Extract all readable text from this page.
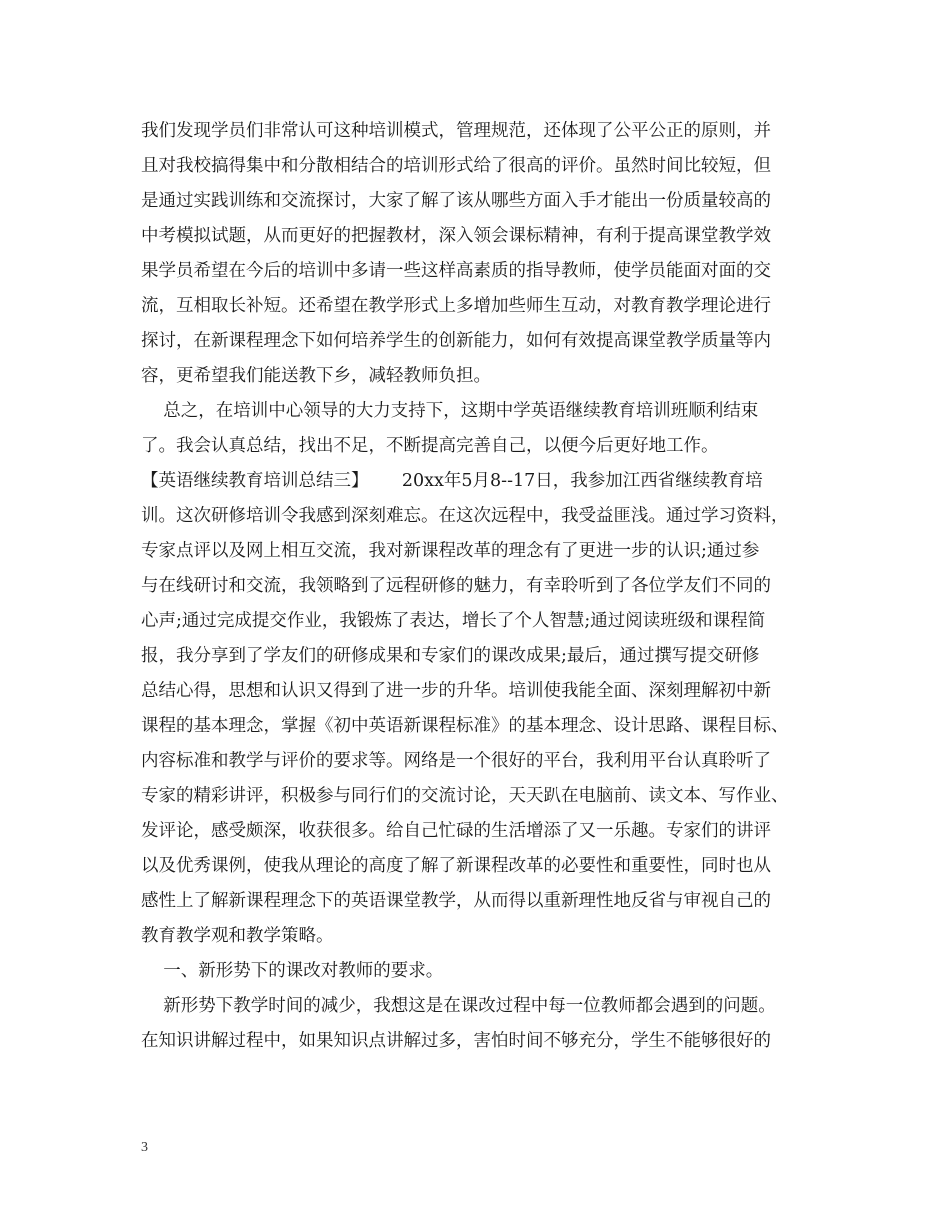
我们发现学员们非常认可这种培训模式，管理规范，还体现了公平公正的原则，并
且对我校搞得集中和分散相结合的培训形式给了很高的评价。虽然时间比较短，但
是通过实践训练和交流探讨，大家了解了该从哪些方面入手才能出一份质量较高的
中考模拟试题，从而更好的把握教材，深入领会课标精神，有利于提高课堂教学效
果学员希望在今后的培训中多请一些这样高素质的指导教师，使学员能面对面的交
流，互相取长补短。还希望在教学形式上多增加些师生互动，对教育教学理论进行
探讨，在新课程理念下如何培养学生的创新能力，如何有效提高课堂教学质量等内
容，更希望我们能送教下乡，减轻教师负担。
总之，在培训中心领导的大力支持下，这期中学英语继续教育培训班顺利结束
了。我会认真总结，找出不足，不断提高完善自己，以便今后更好地工作。
【英语继续教育培训总结三】      20xx年5月8--17日，我参加江西省继续教育培
训。这次研修培训令我感到深刻难忘。在这次远程中，我受益匪浅。通过学习资料，
专家点评以及网上相互交流，我对新课程改革的理念有了更进一步的认识;通过参
与在线研讨和交流，我领略到了远程研修的魅力，有幸聆听到了各位学友们不同的
心声;通过完成提交作业，我锻炼了表达，增长了个人智慧;通过阅读班级和课程简
报，我分享到了学友们的研修成果和专家们的课改成果;最后，通过撰写提交研修
总结心得，思想和认识又得到了进一步的升华。培训使我能全面、深刻理解初中新
课程的基本理念，掌握《初中英语新课程标准》的基本理念、设计思路、课程目标、
内容标准和教学与评价的要求等。网络是一个很好的平台，我利用平台认真聆听了
专家的精彩讲评，积极参与同行们的交流讨论，天天趴在电脑前、读文本、写作业、
发评论，感受颇深，收获很多。给自己忙碌的生活增添了又一乐趣。专家们的讲评
以及优秀课例，使我从理论的高度了解了新课程改革的必要性和重要性，同时也从
感性上了解新课程理念下的英语课堂教学，从而得以重新理性地反省与审视自己的
教育教学观和教学策略。
一、新形势下的课改对教师的要求。
新形势下教学时间的减少，我想这是在课改过程中每一位教师都会遇到的问题。
在知识讲解过程中，如果知识点讲解过多，害怕时间不够充分，学生不能够很好的
3
